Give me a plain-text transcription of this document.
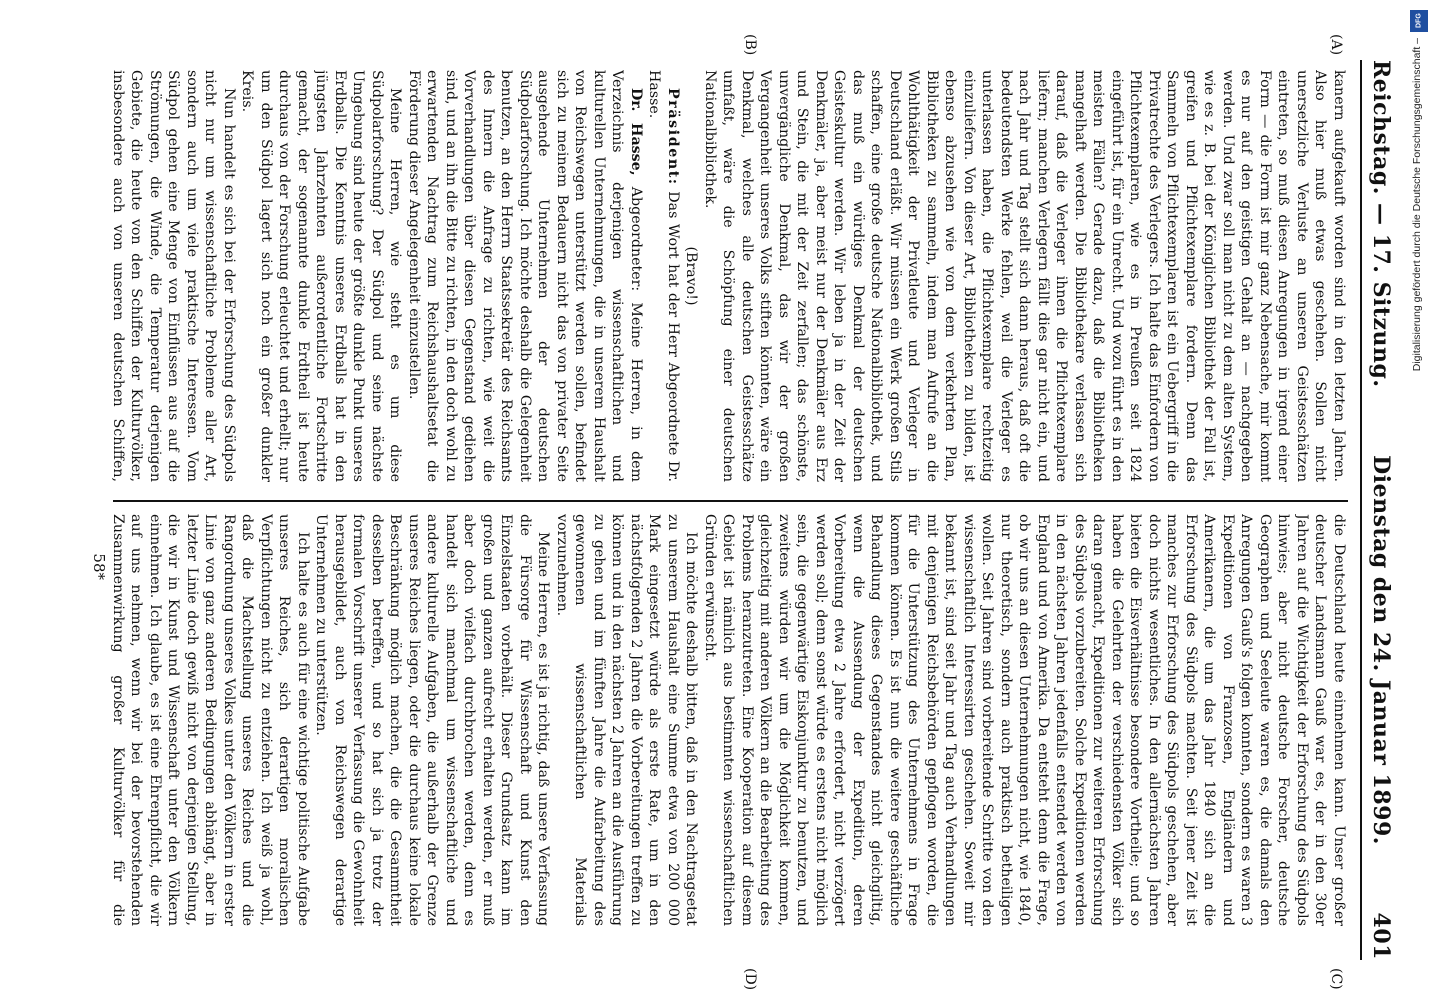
Reichstag. — 17. Sitzung.
Dienstag den 24. Januar 1899.
401
(A)
(B)
(C)
(D)

kanern aufgekauft worden sind in den letzten Jahren. Also hier muß etwas geschehen. Sollen nicht unersetzliche Verluste an unseren Geistesschätzen eintreten, so muß diesen Anregungen in irgend einer Form — die Form ist mir ganz Nebensache, mir kommt es nur auf den geistigen Gehalt an — nachgegeben werden. Und zwar soll man nicht zu dem alten System, wie es z. B. bei der Königlichen Bibliothek der Fall ist, greifen und Pflichtexemplare fordern. Denn das Sammeln von Pflichtexemplaren ist ein Uebergriff in die Privatrechte des Verlegers. Ich halte das Einfordern von Pflichtexemplaren, wie es in Preußen seit 1824 eingeführt ist, für ein Unrecht. Und wozu führt es in den meisten Fällen? Gerade dazu, daß die Bibliotheken mangelhaft werden. Die Bibliothekare verlassen sich darauf, daß die Verleger ihnen die Pflichtexemplare liefern; manchen Verlegern fällt dies gar nicht ein, und nach Jahr und Tag stellt sich dann heraus, daß oft die bedeutendsten Werke fehlen, weil die Verleger es unterlassen haben, die Pflichtexemplare rechtzeitig einzuliefern. Von dieser Art, Bibliotheken zu bilden, ist ebenso abzusehen wie von dem verkehrten Plan, Bibliotheken zu sammeln, indem man Aufrufe an die Wohlthätigkeit der Privatleute und Verleger in Deutschland erläßt. Wir müssen ein Werk großen Stils schaffen, eine große deutsche Nationalbibliothek, und das muß ein würdiges Denkmal der deutschen Geisteskultur werden. Wir leben ja in der Zeit der Denkmäler, ja, aber meist nur der Denkmäler aus Erz und Stein, die mit der Zeit zerfallen; das schönste, unvergängliche Denkmal, das wir der großen Vergangenheit unseres Volks stiften könnten, wäre ein Denkmal, welches alle deutschen Geistesschätze umfaßt, wäre die Schöpfung einer deutschen Nationalbibliothek.

(Bravo!)

Präsident: Das Wort hat der Herr Abgeordnete Dr. Hasse.

Dr. Hasse, Abgeordneter: Meine Herren, in dem Verzeichnis derjenigen wissenschaftlichen und kulturellen Unternehmungen, die in unserem Haushalt von Reichswegen unterstützt werden sollen, befindet sich zu meinem Bedauern nicht das von privater Seite ausgehende Unternehmen der deutschen Südpolarforschung. Ich möchte deshalb die Gelegenheit benutzen, an den Herrn Staatssekretär des Reichsamts des Innern die Anfrage zu richten, wie weit die Vorverhandlungen über diesen Gegenstand gediehen sind, und an ihn die Bitte zu richten, in den doch wohl zu erwartenden Nachtrag zum Reichshaushaltsetat die Förderung dieser Angelegenheit einzustellen.

Meine Herren, wie steht es um diese Südpolarforschung? Der Südpol und seine nächste Umgebung sind heute der größte dunkle Punkt unseres Erdballs. Die Kenntnis unseres Erdballs hat in den jüngsten Jahrzehnten außerordentliche Fortschritte gemacht, der sogenannte dunkle Erdtheil ist heute durchaus von der Forschung erleuchtet und erhellt; nur um den Südpol lagert sich noch ein großer dunkler Kreis.

Nun handelt es sich bei der Erforschung des Südpols nicht nur um wissenschaftliche Probleme aller Art, sondern auch um viele praktische Interessen. Vom Südpol gehen eine Menge von Einflüssen aus auf die Strömungen, die Winde, die Temperatur derjenigen Gebiete, die heute von den Schiffen der Kulturvölker, insbesondere auch von unseren deutschen Schiffen,

die Deutschland heute einnehmen kann. Unser großer deutscher Landsmann Gauß war es, der in den 30er Jahren auf die Wichtigkeit der Erforschung des Südpols hinwies; aber nicht deutsche Forscher, deutsche Geographen und Seeleute waren es, die damals den Anregungen Gauß's folgen konnten, sondern es waren 3 Expeditionen von Franzosen, Engländern und Amerikanern, die um das Jahr 1840 sich an die Erforschung des Südpols machten. Seit jener Zeit ist manches zur Erforschung des Südpols geschehen, aber doch nichts wesentliches. In den allernächsten Jahren bieten die Eisverhältnisse besondere Vortheile; und so haben die Gelehrten der verschiedensten Völker sich daran gemacht, Expeditionen zur weiteren Erforschung des Südpols vorzubereiten. Solche Expeditionen werden in den nächsten Jahren jedenfalls entsendet werden von England und von Amerika. Da entsteht denn die Frage, ob wir uns an diesen Unternehmungen nicht, wie 1840, nur theoretisch, sondern auch praktisch betheiligen wollen. Seit Jahren sind vorbereitende Schritte von den wissenschaftlich Interessirten geschehen. Soweit mir bekannt ist, sind seit Jahr und Tag auch Verhandlungen mit denjenigen Reichsbehörden gepflogen worden, die für die Unterstützung des Unternehmens in Frage kommen können. Es ist nun die weitere geschäftliche Behandlung dieses Gegenstandes nicht gleichgiltig, wenn die Aussendung der Expedition, deren Vorbereitung etwa 2 Jahre erfordert, nicht verzögert werden soll; denn sonst würde es erstens nicht möglich sein, die gegenwärtige Eiskonjunktur zu benutzen, und zweitens würden wir um die Möglichkeit kommen, gleichzeitig mit anderen Völkern an die Bearbeitung des Problems heranzutreten. Eine Kooperation auf diesem Gebiet ist nämlich aus bestimmten wissenschaftlichen Gründen erwünscht.

Ich möchte deshalb bitten, daß in den Nachtragsetat zu unserem Haushalt eine Summe etwa von 200 000 Mark eingesetzt würde als erste Rate, um in den nächstfolgenden 2 Jahren die Vorbereitungen treffen zu können und in den nächsten 2 Jahren an die Ausführung zu gehen und im fünften Jahre die Aufarbeitung des gewonnenen wissenschaftlichen Materials vorzunehmen.

Meine Herren, es ist ja richtig, daß unsere Verfassung die Fürsorge für Wissenschaft und Kunst den Einzelstaaten vorbehält. Dieser Grundsatz kann im großen und ganzen aufrecht erhalten werden, er muß aber doch vielfach durchbrochen werden, denn es handelt sich manchmal um wissenschaftliche und andere kulturelle Aufgaben, die außerhalb der Grenze unseres Reiches liegen, oder die durchaus keine lokale Beschränkung möglich machen, die die Gesammtheit desselben betreffen, und so hat sich ja trotz der formalen Vorschrift unserer Verfassung die Gewohnheit herausgebildet, auch von Reichswegen derartige Unternehmen zu unterstützen.

Ich halte es auch für eine wichtige politische Aufgabe unseres Reiches, sich derartigen moralischen Verpflichtungen nicht zu entziehen. Ich weiß ja wohl, daß die Machtstellung unseres Reiches und die Rangordnung unseres Volkes unter den Völkern in erster Linie von ganz anderen Bedingungen abhängt, aber in letzter Linie doch gewiß nicht von derjenigen Stellung, die wir in Kunst und Wissenschaft unter den Völkern einnehmen. Ich glaube, es ist eine Ehrenpflicht, die wir auf uns nehmen, wenn wir bei der bevorstehenden Zusammenwirkung großer Kulturvölker für die

58*
DFG
Digitalisierung gefördert durch die Deutsche Forschungsgemeinschaft –
